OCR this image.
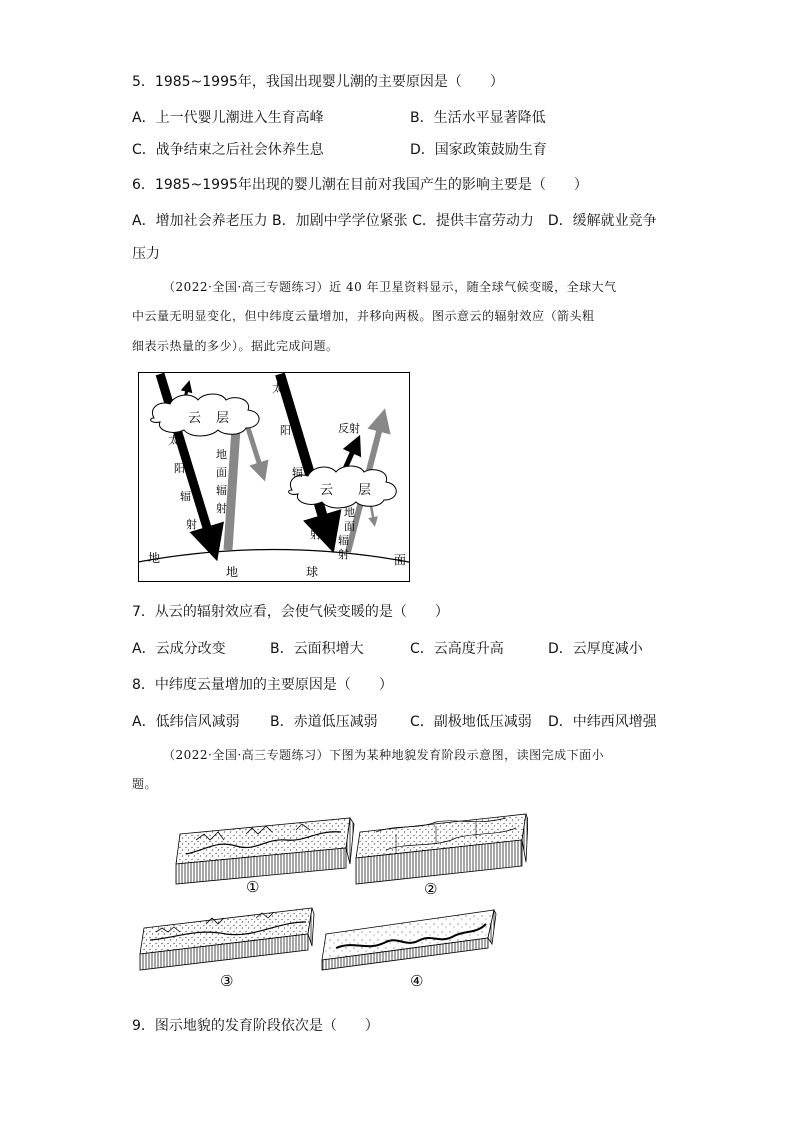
5．1985~1995年，我国出现婴儿潮的主要原因是（　　）
A．上一代婴儿潮进入生育高峰	B．生活水平显著降低
C．战争结束之后社会休养生息	D．国家政策鼓励生育
6．1985~1995年出现的婴儿潮在目前对我国产生的影响主要是（　　）
A．增加社会养老压力 B．加剧中学学位紧张 C．提供丰富劳动力　D．缓解就业竞争
压力
（2022·全国·高三专题练习）近 40 年卫星资料显示，随全球气候变暖，全球大气
中云量无明显变化，但中纬度云量增加，并移向两极。图示意云的辐射效应（箭头粗
细表示热量的多少）。据此完成问题。
云 层
太
阳
辐
射
地
面
辐
射
云 层
太
阳
辐
射
反射
地
面
辐
射
地
地	球
面
7．从云的辐射效应看，会使气候变暖的是（　　）
A．云成分改变	B．云面积增大	C．云高度升高	D．云厚度减小
8．中纬度云量增加的主要原因是（　　）
A．低纬信风减弱 B．赤道低压减弱 C．副极地低压减弱 D．中纬西风增强
（2022·全国·高三专题练习）下图为某种地貌发育阶段示意图，读图完成下面小
题。
①	②
③	④
9．图示地貌的发育阶段依次是（　　）
